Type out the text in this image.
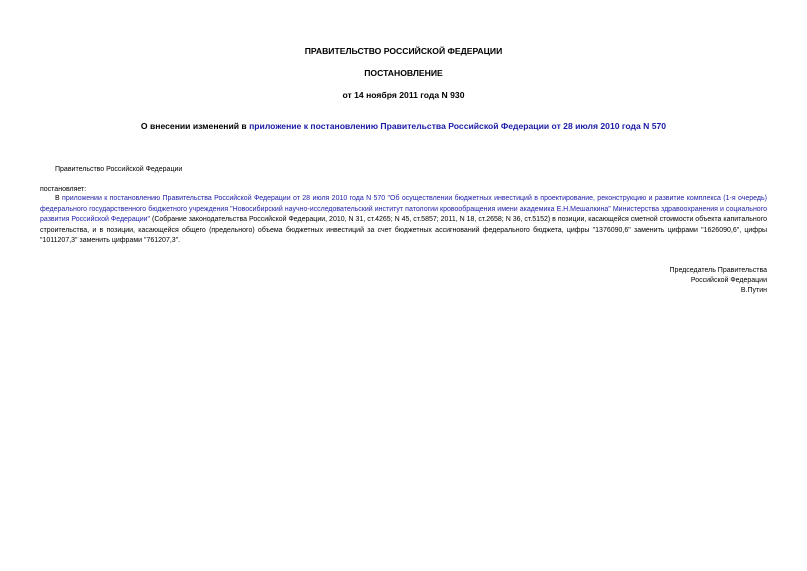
ПРАВИТЕЛЬСТВО РОССИЙСКОЙ ФЕДЕРАЦИИ
ПОСТАНОВЛЕНИЕ
от 14 ноября 2011 года N 930
О внесении изменений в приложение к постановлению Правительства Российской Федерации от 28 июля 2010 года N 570
Правительство Российской Федерации
постановляет:
В приложении к постановлению Правительства Российской Федерации от 28 июля 2010 года N 570 "Об осуществлении бюджетных инвестиций в проектирование, реконструкцию и развитие комплекса (1-я очередь) федерального государственного бюджетного учреждения "Новосибирский научно-исследовательский институт патологии кровообращения имени академика Е.Н.Мешалкина" Министерства здравоохранения и социального развития Российской Федерации" (Собрание законодательства Российской Федерации, 2010, N 31, ст.4265; N 45, ст.5857; 2011, N 18, ст.2658; N 36, ст.5152) в позиции, касающейся сметной стоимости объекта капитального строительства, и в позиции, касающейся общего (предельного) объема бюджетных инвестиций за счет бюджетных ассигнований федерального бюджета, цифры "1376090,6" заменить цифрами "1626090,6", цифры "1011207,3" заменить цифрами "761207,3".
Председатель Правительства
Российской Федерации
В.Путин
